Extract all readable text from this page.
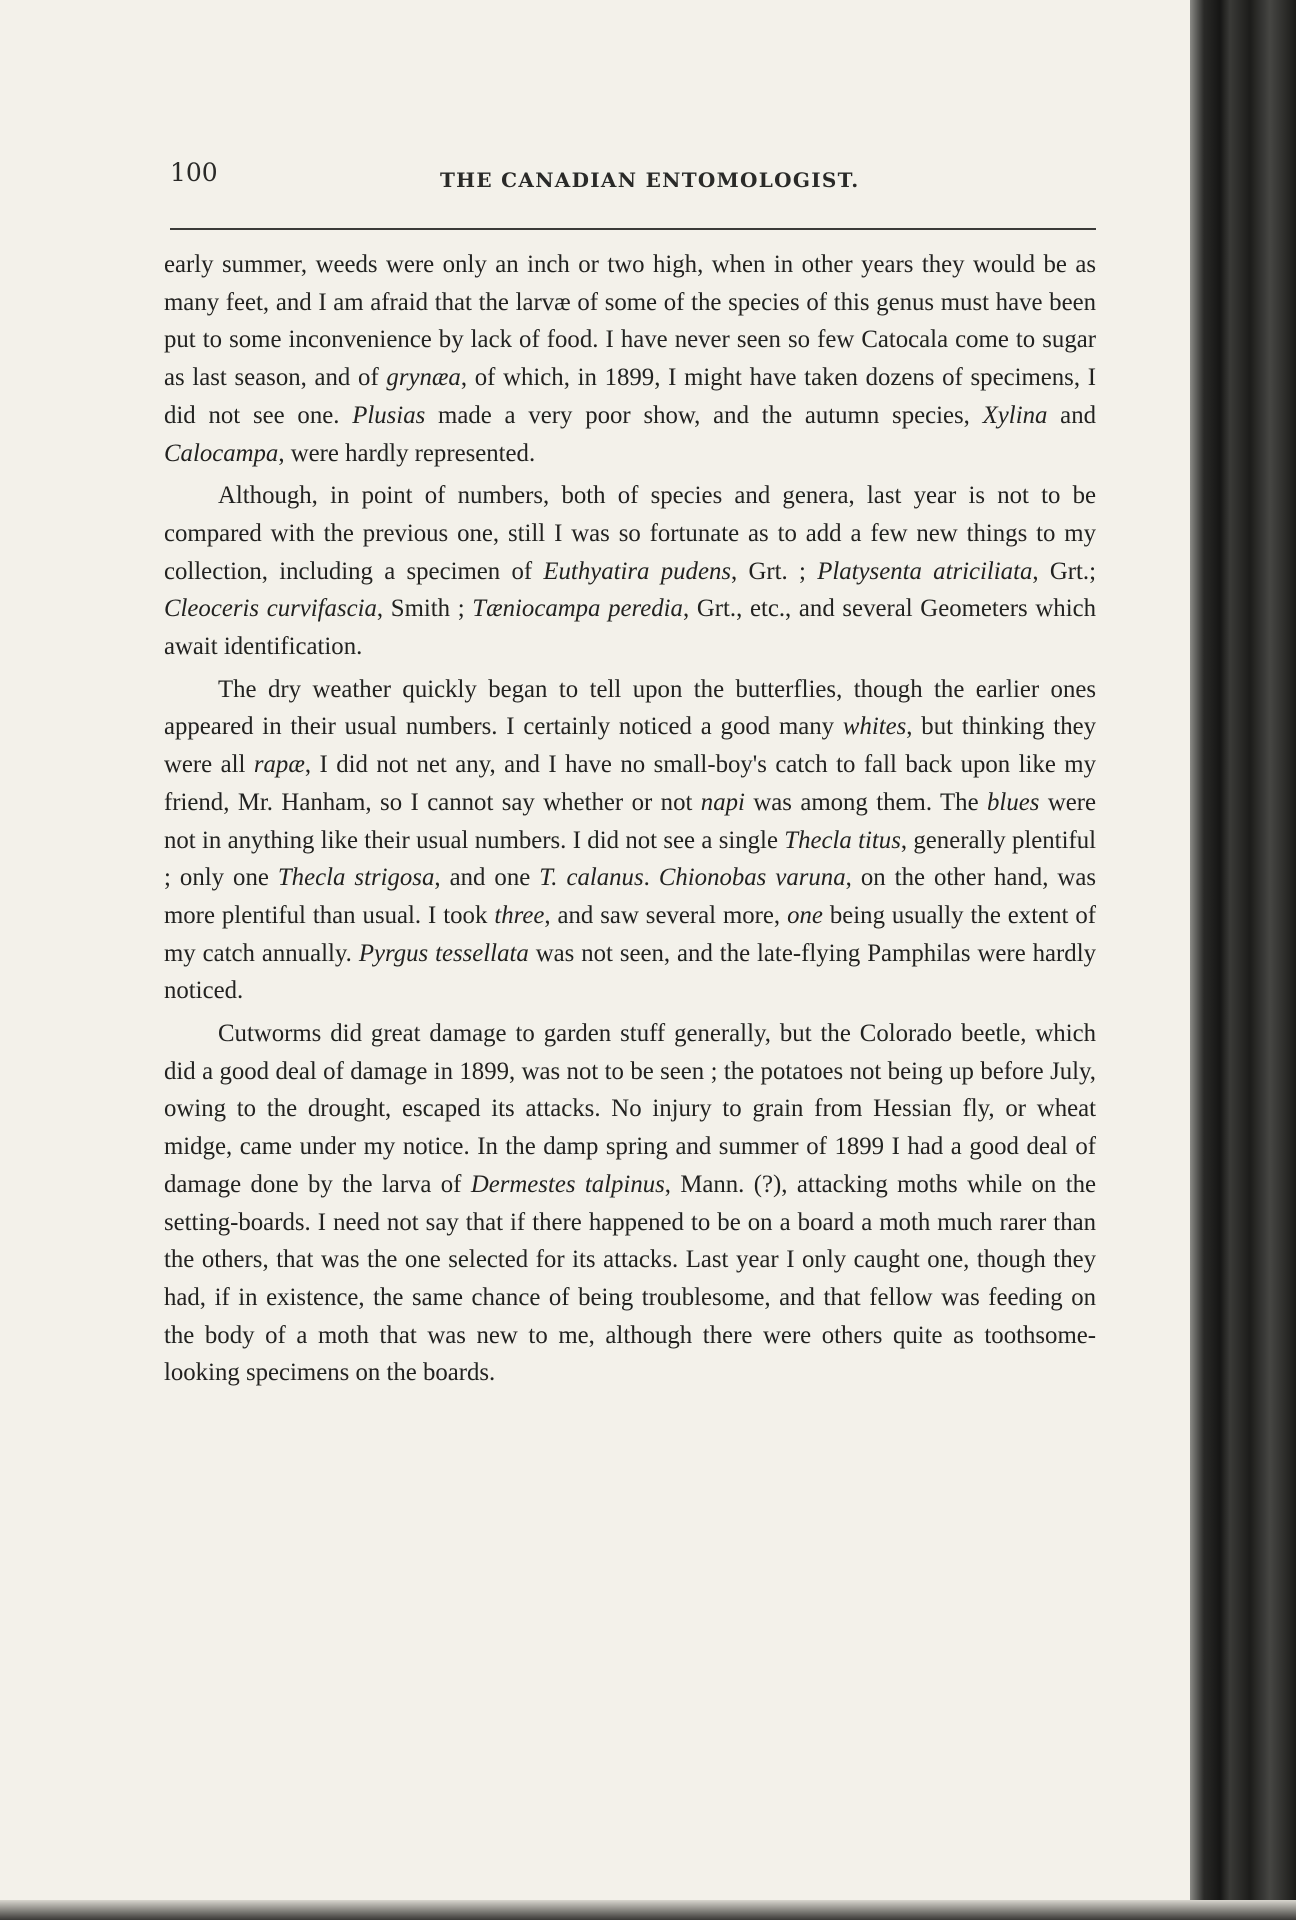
100	THE CANADIAN ENTOMOLOGIST.

early summer, weeds were only an inch or two high, when in other years they would be as many feet, and I am afraid that the larvæ of some of the species of this genus must have been put to some inconvenience by lack of food. I have never seen so few Catocala come to sugar as last season, and of grynæa, of which, in 1899, I might have taken dozens of specimens, I did not see one. Plusias made a very poor show, and the autumn species, Xylina and Calocampa, were hardly represented.

Although, in point of numbers, both of species and genera, last year is not to be compared with the previous one, still I was so fortunate as to add a few new things to my collection, including a specimen of Euthyatira pudens, Grt. ; Platysenta atriciliata, Grt.; Cleoceris curvifascia, Smith ; Tæniocampa peredia, Grt., etc., and several Geometers which await identification.

The dry weather quickly began to tell upon the butterflies, though the earlier ones appeared in their usual numbers. I certainly noticed a good many whites, but thinking they were all rapæ, I did not net any, and I have no small-boy's catch to fall back upon like my friend, Mr. Hanham, so I cannot say whether or not napi was among them. The blues were not in anything like their usual numbers. I did not see a single Thecla titus, generally plentiful ; only one Thecla strigosa, and one T. calanus. Chionobas varuna, on the other hand, was more plentiful than usual. I took three, and saw several more, one being usually the extent of my catch annually. Pyrgus tessellata was not seen, and the late-flying Pamphilas were hardly noticed.

Cutworms did great damage to garden stuff generally, but the Colorado beetle, which did a good deal of damage in 1899, was not to be seen ; the potatoes not being up before July, owing to the drought, escaped its attacks. No injury to grain from Hessian fly, or wheat midge, came under my notice. In the damp spring and summer of 1899 I had a good deal of damage done by the larva of Dermestes talpinus, Mann. (?), attacking moths while on the setting-boards. I need not say that if there happened to be on a board a moth much rarer than the others, that was the one selected for its attacks. Last year I only caught one, though they had, if in existence, the same chance of being troublesome, and that fellow was feeding on the body of a moth that was new to me, although there were others quite as toothsome-looking specimens on the boards.
